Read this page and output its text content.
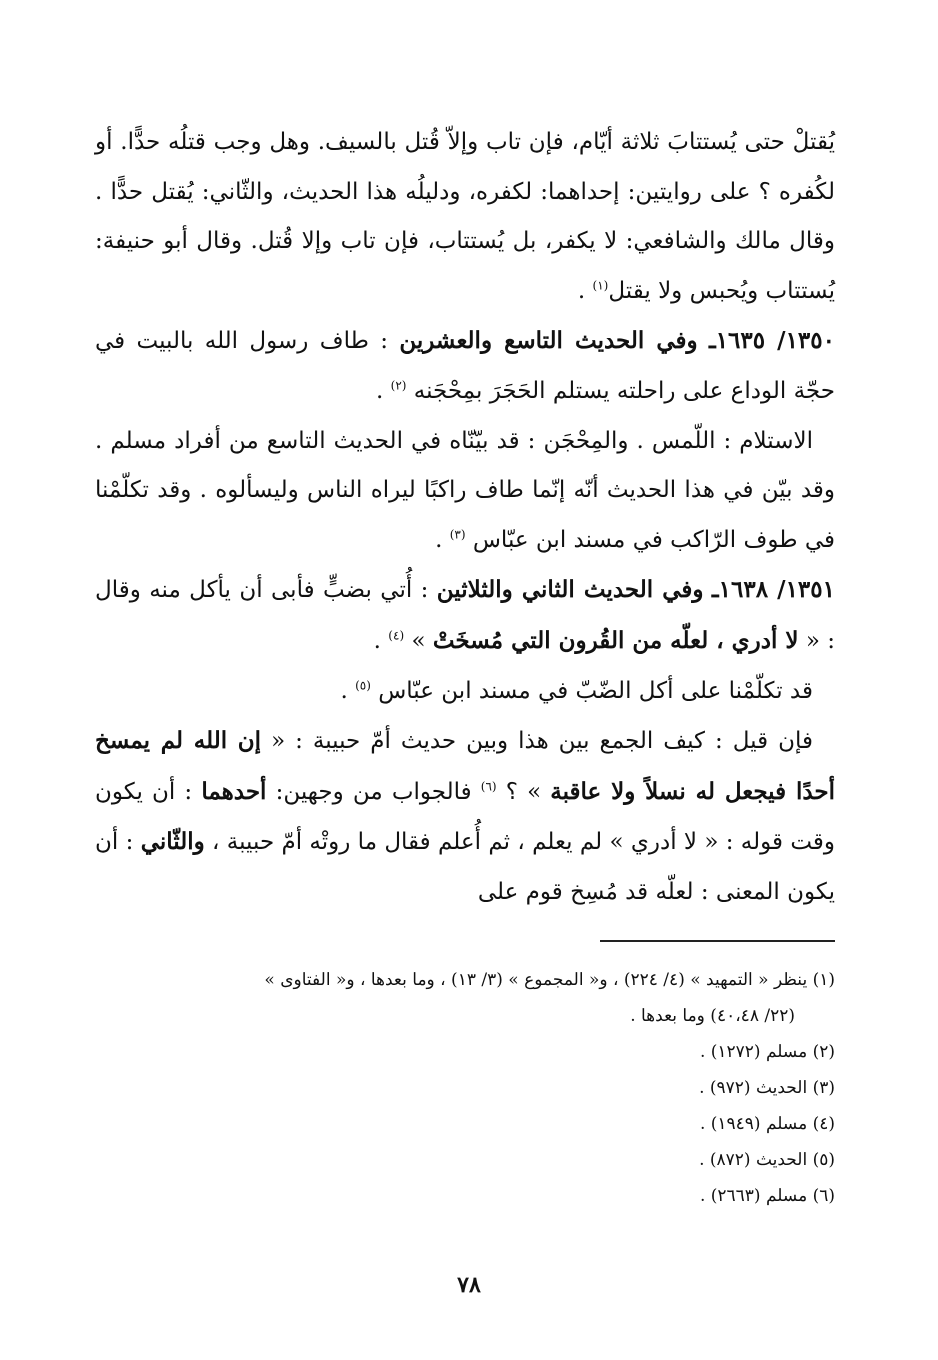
يُقتلْ حتى يُستتابَ ثلاثة أيّام، فإن تاب وإلاّ قُتل بالسيف. وهل وجب قتلُه حدًّا. أو لكُفره ؟ على روايتين: إحداهما: لكفره، ودليلُه هذا الحديث، والثّاني: يُقتل حدًّا . وقال مالك والشافعي: لا يكفر، بل يُستتاب، فإن تاب وإلا قُتل. وقال أبو حنيفة: يُستتاب ويُحبس ولا يقتل$^{(١)}$ .

١٣٥٠/ ١٦٣٥ـ وفي الحديث التاسع والعشرين : طاف رسول الله بالبيت في حجّة الوداع على راحلته يستلم الحَجَرَ بمِحْجَنه $^{(٢)}$ .

الاستلام : اللّمس . والمِحْجَن : قد بيّنّاه في الحديث التاسع من أفراد مسلم . وقد بيّن في هذا الحديث أنّه إنّما طاف راكبًا ليراه الناس وليسألوه . وقد تكلّمْنا في طوف الرّاكب في مسند ابن عبّاس $^{(٣)}$ .

١٣٥١/ ١٦٣٨ـ وفي الحديث الثاني والثلاثين : أُتي بضبٍّ فأبى أن يأكل منه وقال : « لا أدري ، لعلّه من القُرون التي مُسخَتْ » $^{(٤)}$ .

قد تكلّمْنا على أكل الضّبّ في مسند ابن عبّاس $^{(٥)}$ .

فإن قيل : كيف الجمع بين هذا وبين حديث أمّ حبيبة : « إن الله لم يمسخ أحدًا فيجعل له نسلاً ولا عاقبة » ؟ $^{(٦)}$ فالجواب من وجهين: أحدهما : أن يكون وقت قوله : « لا أدري » لم يعلم ، ثم أُعلم فقال ما روتْه أمّ حبيبة ، والثّاني : أن يكون المعنى : لعلّه قد مُسِخ قوم على

(١) ينظر « التمهيد » (٤/ ٢٢٤) ، و« المجموع » (٣/ ١٣) ، وما بعدها ، و« الفتاوى »

(٢٢/ ٤٠،٤٨) وما بعدها .

(٢) مسلم (١٢٧٢) .

(٣) الحديث (٩٧٢) .

(٤) مسلم (١٩٤٩) .

(٥) الحديث (٨٧٢) .

(٦) مسلم (٢٦٦٣) .

٧٨
